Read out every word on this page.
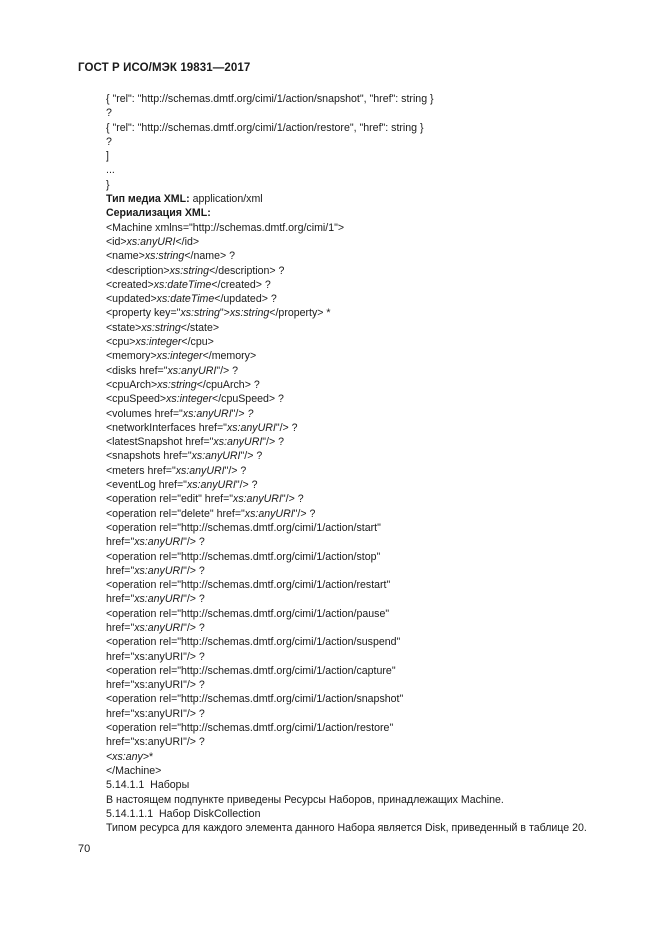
ГОСТ Р ИСО/МЭК 19831—2017
{ "rel": "http://schemas.dmtf.org/cimi/1/action/snapshot", "href": string }
?
{ "rel": "http://schemas.dmtf.org/cimi/1/action/restore", "href": string }
?
]
...
}
Тип медиа XML: application/xml
Сериализация XML:
<Machine xmlns="http://schemas.dmtf.org/cimi/1">
<id>xs:anyURI</id>
<name>xs:string</name> ?
<description>xs:string</description> ?
<created>xs:dateTime</created> ?
<updated>xs:dateTime</updated> ?
<property key="xs:string">xs:string</property> *
<state>xs:string</state>
<cpu>xs:integer</cpu>
<memory>xs:integer</memory>
<disks href="xs:anyURI"/> ?
<cpuArch>xs:string</cpuArch> ?
<cpuSpeed>xs:integer</cpuSpeed> ?
<volumes href="xs:anyURI"/> ?
<networkInterfaces href="xs:anyURI"/> ?
<latestSnapshot href="xs:anyURI"/> ?
<snapshots href="xs:anyURI"/> ?
<meters href="xs:anyURI"/> ?
<eventLog href="xs:anyURI"/> ?
<operation rel="edit" href="xs:anyURI"/> ?
<operation rel="delete" href="xs:anyURI"/> ?
<operation rel="http://schemas.dmtf.org/cimi/1/action/start"
href="xs:anyURI"/> ?
<operation rel="http://schemas.dmtf.org/cimi/1/action/stop"
href="xs:anyURI"/> ?
<operation rel="http://schemas.dmtf.org/cimi/1/action/restart"
href="xs:anyURI"/> ?
<operation rel="http://schemas.dmtf.org/cimi/1/action/pause"
href="xs:anyURI"/> ?
<operation rel="http://schemas.dmtf.org/cimi/1/action/suspend"
href="xs:anyURI"/> ?
<operation rel="http://schemas.dmtf.org/cimi/1/action/capture"
href="xs:anyURI"/> ?
<operation rel="http://schemas.dmtf.org/cimi/1/action/snapshot"
href="xs:anyURI"/> ?
<operation rel="http://schemas.dmtf.org/cimi/1/action/restore"
href="xs:anyURI"/> ?
<xs:any>*
</Machine>
5.14.1.1  Наборы
В настоящем подпункте приведены Ресурсы Наборов, принадлежащих Machine.
5.14.1.1.1  Набор DiskCollection
Типом ресурса для каждого элемента данного Набора является Disk, приведенный в таблице 20.
70
